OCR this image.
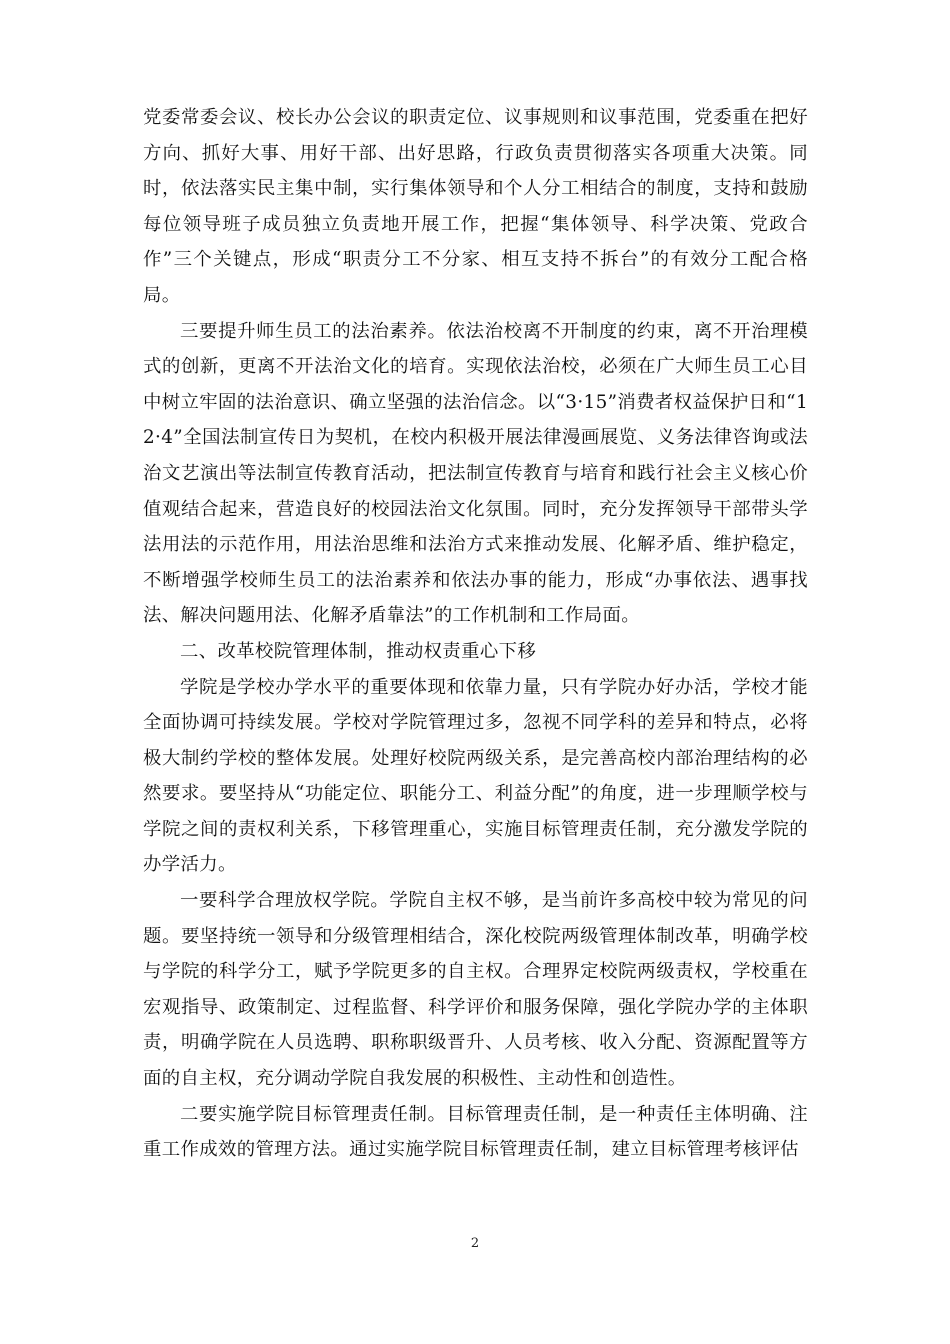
党委常委会议、校长办公会议的职责定位、议事规则和议事范围，党委重在把好方向、抓好大事、用好干部、出好思路，行政负责贯彻落实各项重大决策。同时，依法落实民主集中制，实行集体领导和个人分工相结合的制度，支持和鼓励每位领导班子成员独立负责地开展工作，把握“集体领导、科学决策、党政合作”三个关键点，形成“职责分工不分家、相互支持不拆台”的有效分工配合格局。

三要提升师生员工的法治素养。依法治校离不开制度的约束，离不开治理模式的创新，更离不开法治文化的培育。实现依法治校，必须在广大师生员工心目中树立牢固的法治意识、确立坚强的法治信念。以“3·15”消费者权益保护日和“12·4”全国法制宣传日为契机，在校内积极开展法律漫画展览、义务法律咨询或法治文艺演出等法制宣传教育活动，把法制宣传教育与培育和践行社会主义核心价值观结合起来，营造良好的校园法治文化氛围。同时，充分发挥领导干部带头学法用法的示范作用，用法治思维和法治方式来推动发展、化解矛盾、维护稳定，不断增强学校师生员工的法治素养和依法办事的能力，形成“办事依法、遇事找法、解决问题用法、化解矛盾靠法”的工作机制和工作局面。

二、改革校院管理体制，推动权责重心下移

学院是学校办学水平的重要体现和依靠力量，只有学院办好办活，学校才能全面协调可持续发展。学校对学院管理过多，忽视不同学科的差异和特点，必将极大制约学校的整体发展。处理好校院两级关系，是完善高校内部治理结构的必然要求。要坚持从“功能定位、职能分工、利益分配”的角度，进一步理顺学校与学院之间的责权利关系，下移管理重心，实施目标管理责任制，充分激发学院的办学活力。

一要科学合理放权学院。学院自主权不够，是当前许多高校中较为常见的问题。要坚持统一领导和分级管理相结合，深化校院两级管理体制改革，明确学校与学院的科学分工，赋予学院更多的自主权。合理界定校院两级责权，学校重在宏观指导、政策制定、过程监督、科学评价和服务保障，强化学院办学的主体职责，明确学院在人员选聘、职称职级晋升、人员考核、收入分配、资源配置等方面的自主权，充分调动学院自我发展的积极性、主动性和创造性。

二要实施学院目标管理责任制。目标管理责任制，是一种责任主体明确、注重工作成效的管理方法。通过实施学院目标管理责任制，建立目标管理考核评估

2
